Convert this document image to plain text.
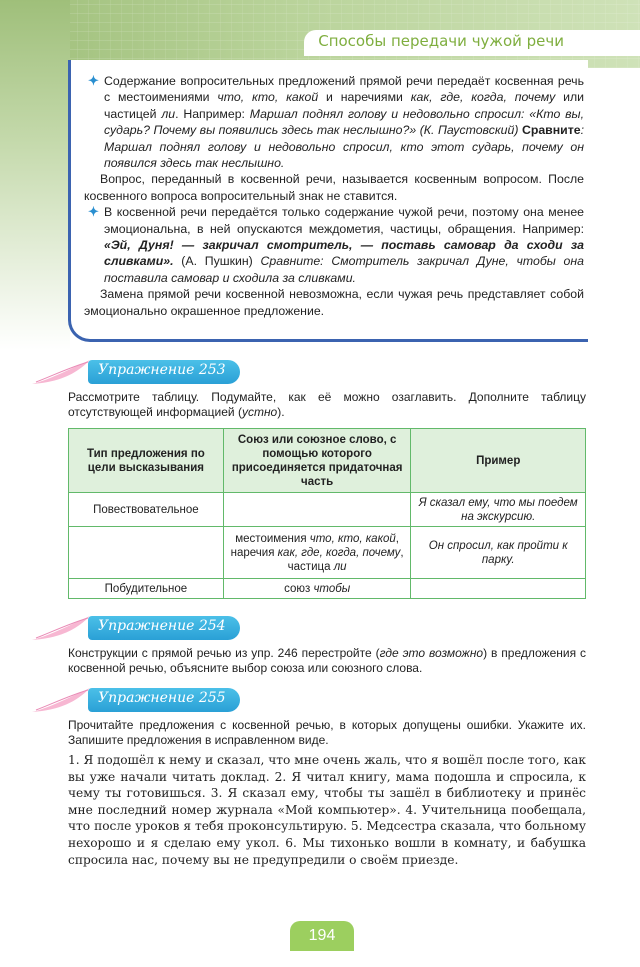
Способы передачи чужой речи

✦ Содержание вопросительных предложений прямой речи передаёт косвенная речь с местоимениями что, кто, какой и наречиями как, где, когда, почему или частицей ли. Например: Маршал поднял голову и недовольно спросил: «Кто вы, сударь? Почему вы появились здесь так неслышно?» (К. Паустовский) Сравните: Маршал поднял голову и недовольно спросил, кто этот сударь, почему он появился здесь так неслышно.

Вопрос, переданный в косвенной речи, называется косвенным вопросом. После косвенного вопроса вопросительный знак не ставится.

✦ В косвенной речи передаётся только содержание чужой речи, поэтому она менее эмоциональна, в ней опускаются междометия, частицы, обращения. Например: «Эй, Дуня! — закричал смотритель, — поставь самовар да сходи за сливками». (А. Пушкин) Сравните: Смотритель закричал Дуне, чтобы она поставила самовар и сходила за сливками.

Замена прямой речи косвенной невозможна, если чужая речь представляет собой эмоционально окрашенное предложение.

Упражнение 253

Рассмотрите таблицу. Подумайте, как её можно озаглавить. Дополните таблицу отсутствующей информацией (устно).

Тип предложения по цели высказывания	Союз или союзное слово, с помощью которого присоединяется придаточная часть	Пример
Повествовательное		Я сказал ему, что мы поедем на экскурсию.
	местоимения что, кто, какой, наречия как, где, когда, почему, частица ли	Он спросил, как пройти к парку.
Побудительное	союз чтобы	
Упражнение 254

Конструкции с прямой речью из упр. 246 перестройте (где это возможно) в предложения с косвенной речью, объясните выбор союза или союзного слова.

Упражнение 255

Прочитайте предложения с косвенной речью, в которых допущены ошибки. Укажите их. Запишите предложения в исправленном виде.

1. Я подошёл к нему и сказал, что мне очень жаль, что я вошёл после того, как вы уже начали читать доклад. 2. Я читал книгу, мама подошла и спросила, к чему ты готовишься. 3. Я сказал ему, чтобы ты зашёл в библиотеку и принёс мне последний номер журнала «Мой компьютер». 4. Учительница пообещала, что после уроков я тебя проконсультирую. 5. Медсестра сказала, что больному нехорошо и я сделаю ему укол. 6. Мы тихонько вошли в комнату, и бабушка спросила нас, почему вы не предупредили о своём приезде.

194
